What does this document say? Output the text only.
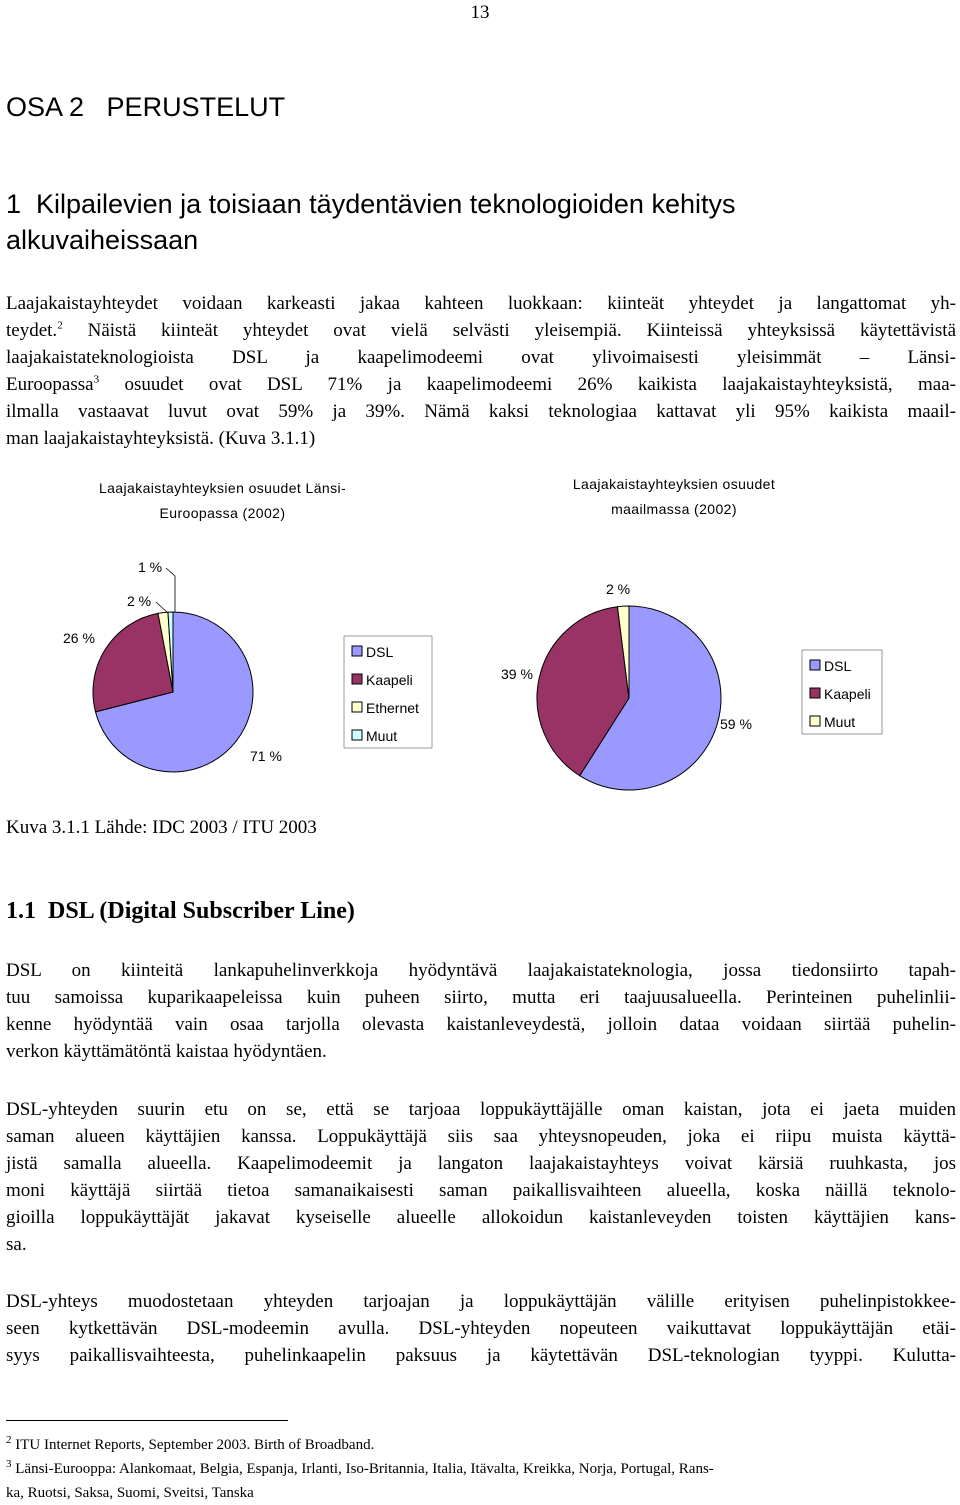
13
OSA 2   PERUSTELUT
1  Kilpailevien ja toisiaan täydentävien teknologioiden kehitys
alkuvaiheissaan
Laajakaistayhteydet voidaan karkeasti jakaa kahteen luokkaan: kiinteät yhteydet ja langattomat yh-
teydet.$^2$ Näistä kiinteät yhteydet ovat vielä selvästi yleisempiä. Kiinteissä yhteyksissä käytettävistä
laajakaistateknologioista DSL ja kaapelimodeemi ovat ylivoimaisesti yleisimmät – Länsi-
Euroopassa$^3$ osuudet ovat DSL 71% ja kaapelimodeemi 26% kaikista laajakaistayhteyksistä, maa-
ilmalla vastaavat luvut ovat 59% ja 39%. Nämä kaksi teknologiaa kattavat yli 95% kaikista maail-
man laajakaistayhteyksistä. (Kuva 3.1.1)
Laajakaistayhteyksien osuudet Länsi-
Euroopassa (2002)
Laajakaistayhteyksien osuudet
maailmassa (2002)
71 %
26 %
2 %
1 %
DSL
Kaapeli
Ethernet
Muut
59 %
39 %
2 %
DSL
Kaapeli
Muut
Kuva 3.1.1 Lähde: IDC 2003 / ITU 2003
1.1  DSL (Digital Subscriber Line)
DSL on kiinteitä lankapuhelinverkkoja hyödyntävä laajakaistateknologia, jossa tiedonsiirto tapah-
tuu samoissa kuparikaapeleissa kuin puheen siirto, mutta eri taajuusalueella. Perinteinen puhelinlii-
kenne hyödyntää vain osaa tarjolla olevasta kaistanleveydestä, jolloin dataa voidaan siirtää puhelin-
verkon käyttämätöntä kaistaa hyödyntäen.
DSL-yhteyden suurin etu on se, että se tarjoaa loppukäyttäjälle oman kaistan, jota ei jaeta muiden
saman alueen käyttäjien kanssa. Loppukäyttäjä siis saa yhteysnopeuden, joka ei riipu muista käyttä-
jistä samalla alueella. Kaapelimodeemit ja langaton laajakaistayhteys voivat kärsiä ruuhkasta, jos
moni käyttäjä siirtää tietoa samanaikaisesti saman paikallisvaihteen alueella, koska näillä teknolo-
gioilla loppukäyttäjät jakavat kyseiselle alueelle allokoidun kaistanleveyden toisten käyttäjien kans-
sa.
DSL-yhteys muodostetaan yhteyden tarjoajan ja loppukäyttäjän välille erityisen puhelinpistokkee-
seen kytkettävän DSL-modeemin avulla. DSL-yhteyden nopeuteen vaikuttavat loppukäyttäjän etäi-
syys paikallisvaihteesta, puhelinkaapelin paksuus ja käytettävän DSL-teknologian tyyppi. Kulutta-
$^2$ ITU Internet Reports, September 2003. Birth of Broadband.
$^3$ Länsi-Eurooppa: Alankomaat, Belgia, Espanja, Irlanti, Iso-Britannia, Italia, Itävalta, Kreikka, Norja, Portugal, Rans-
ka, Ruotsi, Saksa, Suomi, Sveitsi, Tanska
